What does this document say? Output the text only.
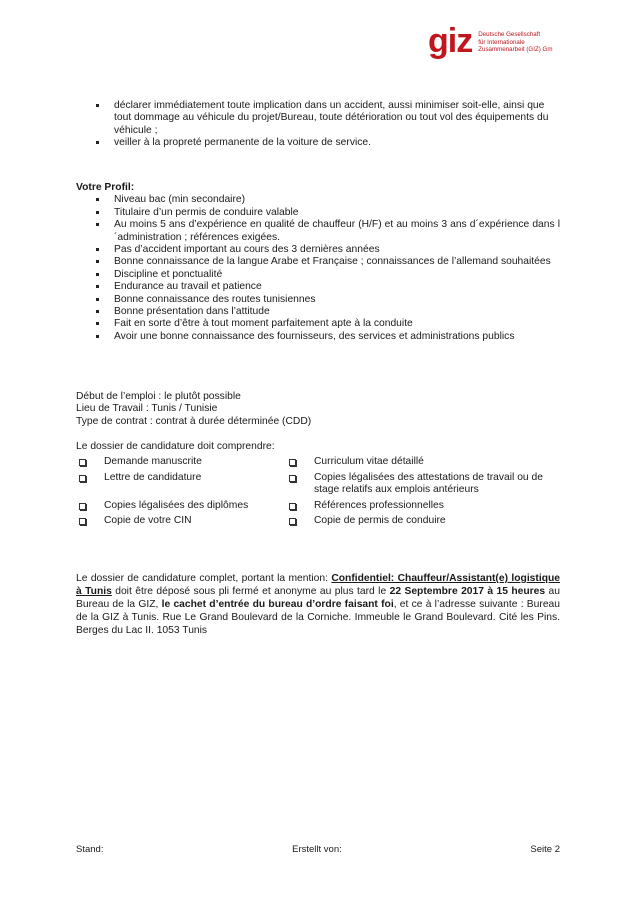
giz Deutsche Gesellschaft
für Internationale
Zusammenarbeit (GIZ) Gm
déclarer immédiatement toute implication dans un accident, aussi minimiser soit-elle, ainsi que tout dommage au véhicule du projet/Bureau, toute détérioration ou tout vol des équipements du véhicule ;
veiller à la propreté permanente de la voiture de service.
Votre Profil:
Niveau bac (min secondaire)
Titulaire d’un permis de conduire valable
Au moins 5 ans d’expérience en qualité de chauffeur (H/F) et au moins 3 ans d´expérience dans l´administration ; références exigées.
Pas d’accident important au cours des 3 dernières années
Bonne connaissance de la langue Arabe et Française ; connaissances de l’allemand souhaitées
Discipline et ponctualité
Endurance au travail et patience
Bonne connaissance des routes tunisiennes
Bonne présentation dans l’attitude
Fait en sorte d’être à tout moment parfaitement apte à la conduite
Avoir une bonne connaissance des fournisseurs, des services et administrations publics
Début de l’emploi : le plutôt possible
Lieu de Travail : Tunis / Tunisie
Type de contrat : contrat à durée déterminée (CDD)
Le dossier de candidature doit comprendre:
Demande manuscrite	Curriculum vitae détaillé
Lettre de candidature	Copies légalisées des attestations de travail ou de stage relatifs aux emplois antérieurs
Copies légalisées des diplômes	Références professionnelles
Copie de votre CIN	Copie de permis de conduire
Le dossier de candidature complet, portant la mention: Confidentiel: Chauffeur/Assistant(e) logistique à Tunis doit être déposé sous pli fermé et anonyme au plus tard le 22 Septembre 2017 à 15 heures au Bureau de la GIZ, le cachet d’entrée du bureau d’ordre faisant foi, et ce à l’adresse suivante : Bureau de la GIZ à Tunis. Rue Le Grand Boulevard de la Corniche. Immeuble le Grand Boulevard. Cité les Pins. Berges du Lac II. 1053 Tunis
Stand:	Erstellt von:	Seite 2
